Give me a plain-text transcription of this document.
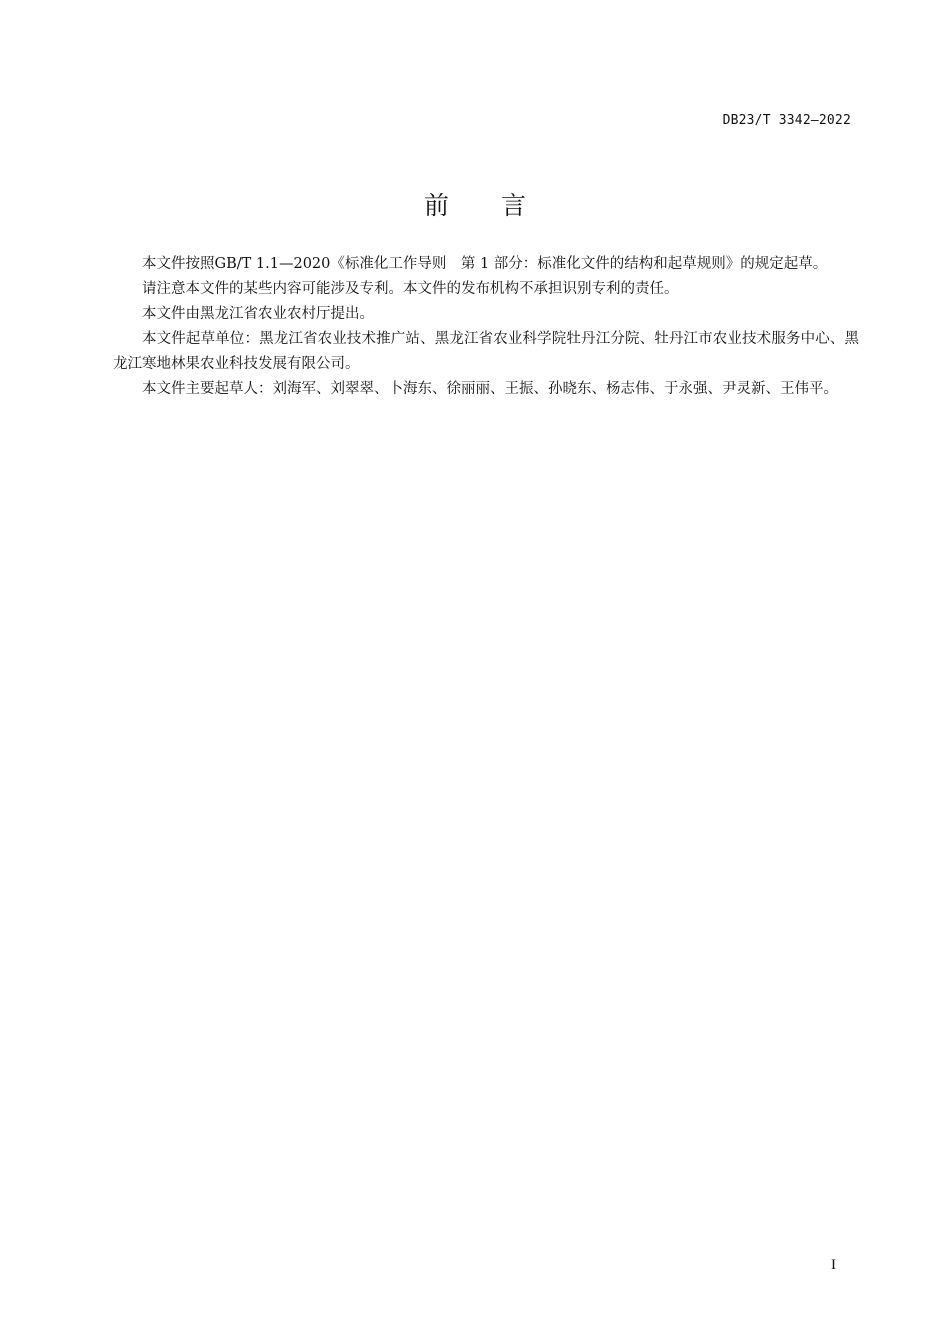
DB23/T 3342—2022
前言

本文件按照GB/T 1.1—2020《标准化工作导则　第 1 部分：标准化文件的结构和起草规则》的规定起草。

请注意本文件的某些内容可能涉及专利。本文件的发布机构不承担识别专利的责任。

本文件由黑龙江省农业农村厅提出。

本文件起草单位：黑龙江省农业技术推广站、黑龙江省农业科学院牡丹江分院、牡丹江市农业技术服务中心、黑龙江寒地林果农业科技发展有限公司。

本文件主要起草人：刘海军、刘翠翠、卜海东、徐丽丽、王振、孙晓东、杨志伟、于永强、尹灵新、王伟平。

I
